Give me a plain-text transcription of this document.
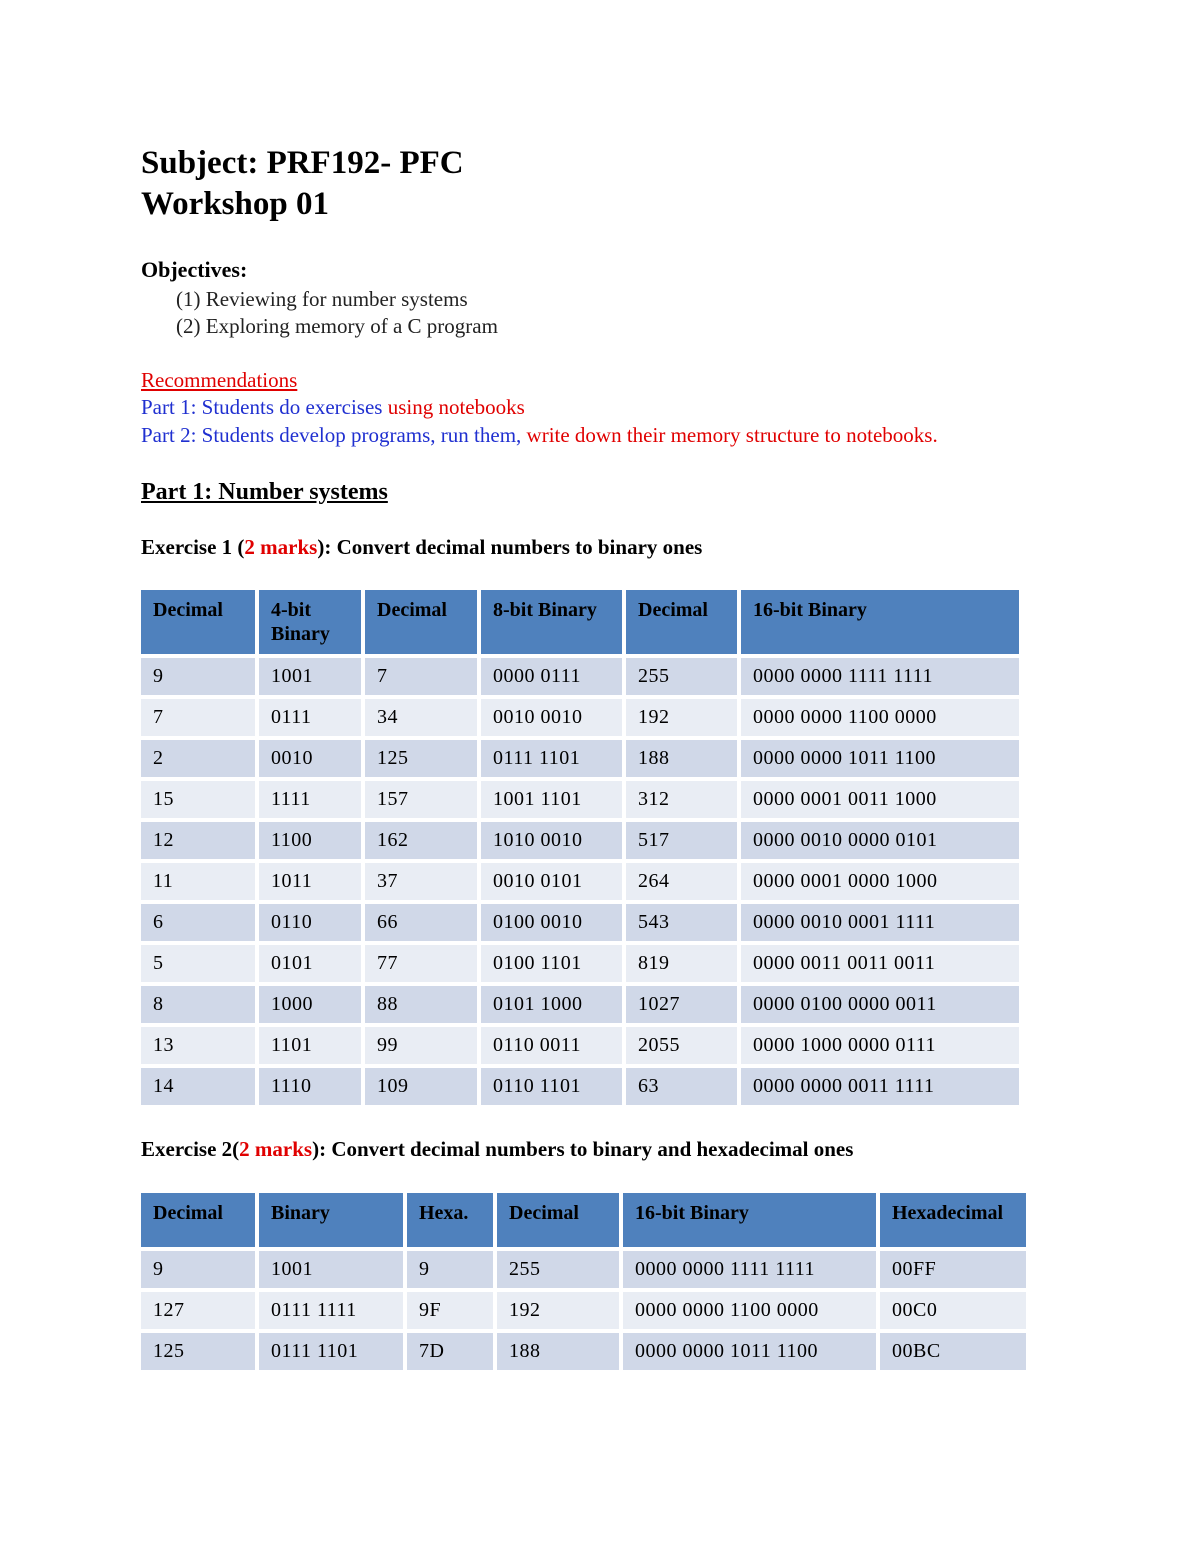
Subject: PRF192- PFC
Workshop 01
Objectives:
(1) Reviewing for number systems
(2) Exploring memory of a C program
Recommendations
Part 1: Students do exercises using notebooks
Part 2: Students develop programs, run them, write down their memory structure to notebooks.
Part 1: Number systems
Exercise 1 (2 marks): Convert decimal numbers to binary ones
Decimal	4-bit Binary	Decimal	8-bit Binary	Decimal	16-bit Binary
9	1001	7	0000 0111	255	0000 0000 1111 1111
7	0111	34	0010 0010	192	0000 0000 1100 0000
2	0010	125	0111 1101	188	0000 0000 1011 1100
15	1111	157	1001 1101	312	0000 0001 0011 1000
12	1100	162	1010 0010	517	0000 0010 0000 0101
11	1011	37	0010 0101	264	0000 0001 0000 1000
6	0110	66	0100 0010	543	0000 0010 0001 1111
5	0101	77	0100 1101	819	0000 0011 0011 0011
8	1000	88	0101 1000	1027	0000 0100 0000 0011
13	1101	99	0110 0011	2055	0000 1000 0000 0111
14	1110	109	0110 1101	63	0000 0000 0011 1111
Exercise 2(2 marks): Convert decimal numbers to binary and hexadecimal ones
Decimal	Binary	Hexa.	Decimal	16-bit Binary	Hexadecimal
9	1001	9	255	0000 0000 1111 1111	00FF
127	0111 1111	9F	192	0000 0000 1100 0000	00C0
125	0111 1101	7D	188	0000 0000 1011 1100	00BC
